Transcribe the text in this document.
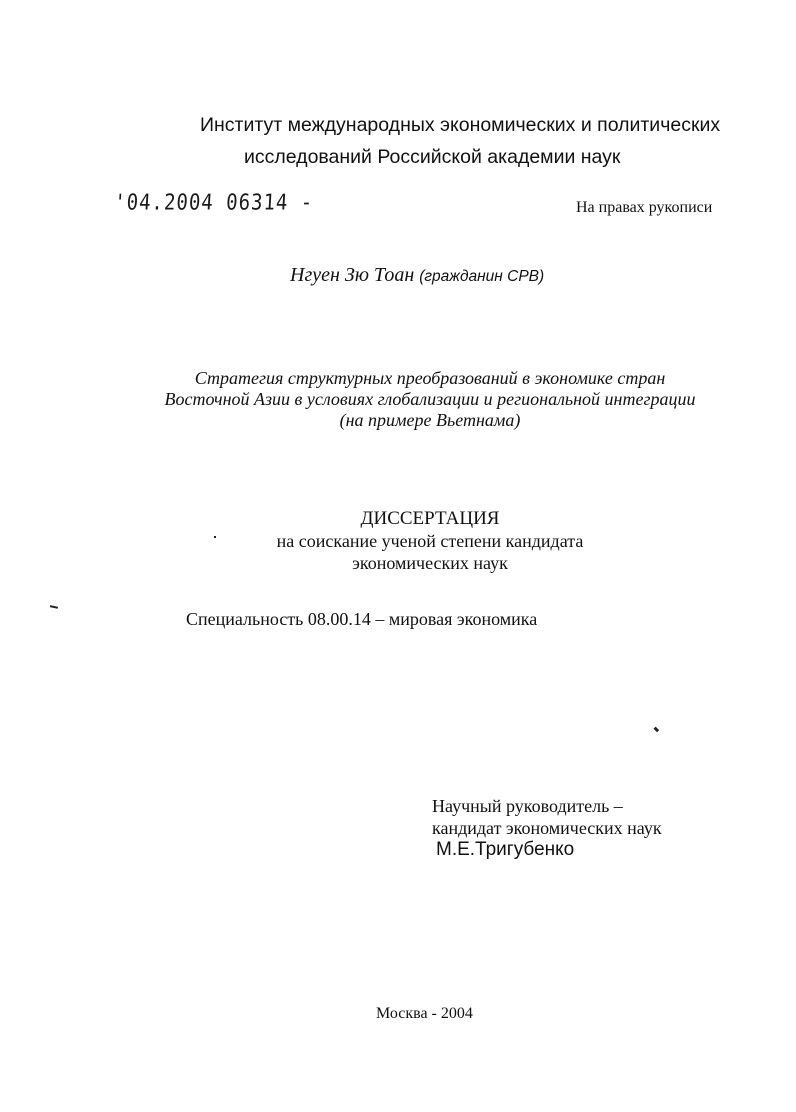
Институт международных экономических и политических
исследований Российской академии наук
'04.2004 06314 -	На правах рукописи
Нгуен Зю Тоан (гражданин СРВ)
Стратегия структурных преобразований в экономике стран
Восточной Азии в условиях глобализации и региональной интеграции
(на примере Вьетнама)
ДИССЕРТАЦИЯ
на соискание ученой степени кандидата
экономических наук
Специальность 08.00.14 – мировая экономика
Научный руководитель –
кандидат экономических наук
М.Е.Тригубенко
Москва - 2004
